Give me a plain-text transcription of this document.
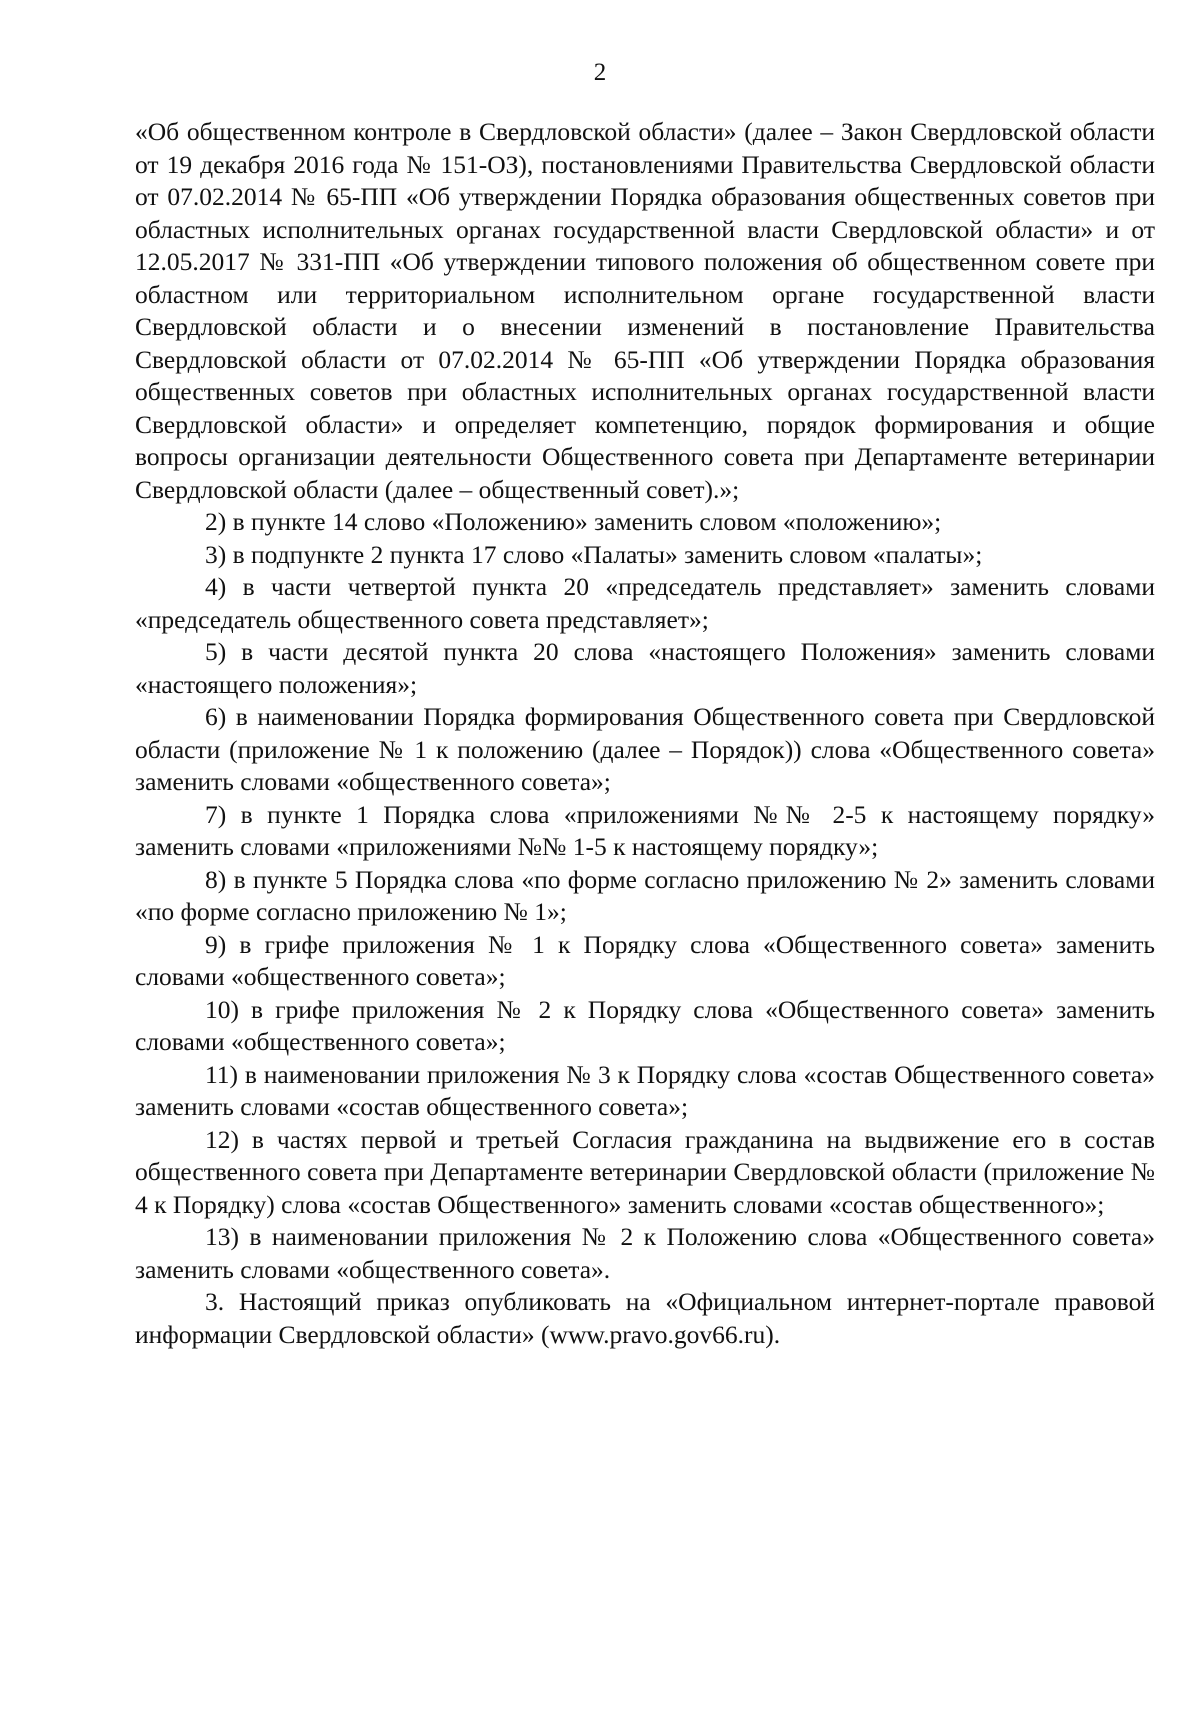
2

«Об общественном контроле в Свердловской области» (далее – Закон Свердловской области от 19 декабря 2016 года № 151-ОЗ), постановлениями Правительства Свердловской области от 07.02.2014 № 65-ПП «Об утверждении Порядка образования общественных советов при областных исполнительных органах государственной власти Свердловской области» и от 12.05.2017 № 331-ПП «Об утверждении типового положения об общественном совете при областном или территориальном исполнительном органе государственной власти Свердловской области и о внесении изменений в постановление Правительства Свердловской области от 07.02.2014 № 65-ПП «Об утверждении Порядка образования общественных советов при областных исполнительных органах государственной власти Свердловской области» и определяет компетенцию, порядок формирования и общие вопросы организации деятельности Общественного совета при Департаменте ветеринарии Свердловской области (далее – общественный совет).»;

2) в пункте 14 слово «Положению» заменить словом «положению»;

3) в подпункте 2 пункта 17 слово «Палаты» заменить словом «палаты»;

4) в части четвертой пункта 20 «председатель представляет» заменить словами «председатель общественного совета представляет»;

5) в части десятой пункта 20 слова «настоящего Положения» заменить словами «настоящего положения»;

6) в наименовании Порядка формирования Общественного совета при Свердловской области (приложение № 1 к положению (далее – Порядок)) слова «Общественного совета» заменить словами «общественного совета»;

7) в пункте 1 Порядка слова «приложениями №№ 2-5 к настоящему порядку» заменить словами «приложениями №№ 1-5 к настоящему порядку»;

8) в пункте 5 Порядка слова «по форме согласно приложению № 2» заменить словами «по форме согласно приложению № 1»;

9) в грифе приложения № 1 к Порядку слова «Общественного совета» заменить словами «общественного совета»;

10) в грифе приложения № 2 к Порядку слова «Общественного совета» заменить словами «общественного совета»;

11) в наименовании приложения № 3 к Порядку слова «состав Общественного совета» заменить словами «состав общественного совета»;

12) в частях первой и третьей Согласия гражданина на выдвижение его в состав общественного совета при Департаменте ветеринарии Свердловской области (приложение № 4 к Порядку) слова «состав Общественного» заменить словами «состав общественного»;

13) в наименовании приложения № 2 к Положению слова «Общественного совета» заменить словами «общественного совета».

3. Настоящий приказ опубликовать на «Официальном интернет-портале правовой информации Свердловской области» (www.pravo.gov66.ru).
